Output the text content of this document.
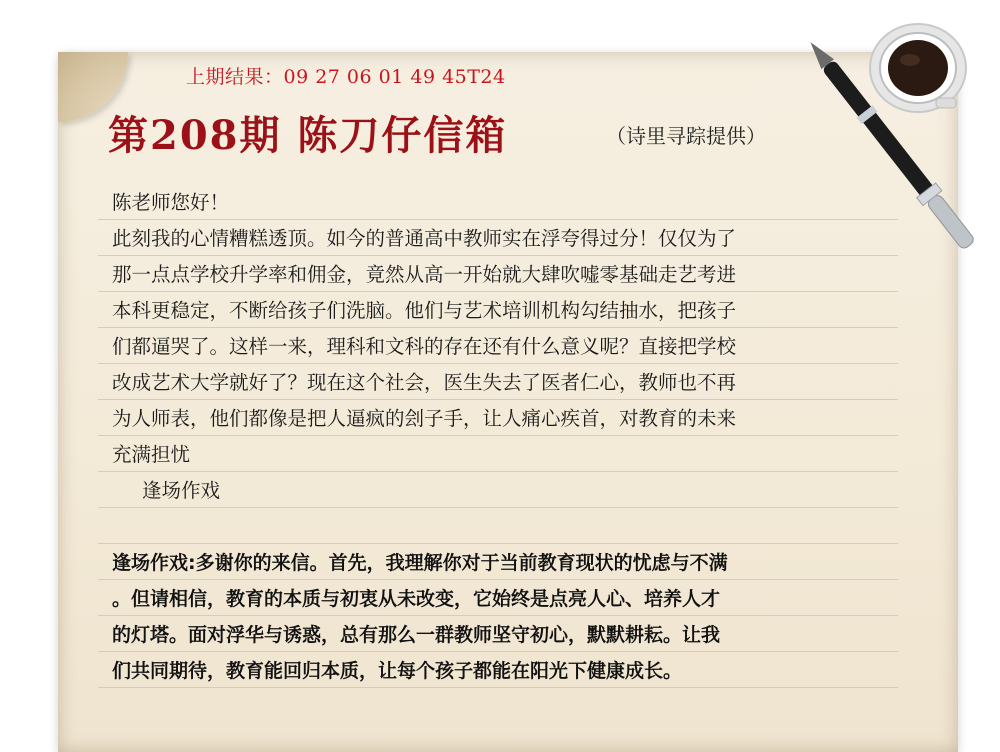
上期结果：09 27 06 01 49 45T24
第208期 陈刀仔信箱	（诗里寻踪提供）
陈老师您好！
此刻我的心情糟糕透顶。如今的普通高中教师实在浮夸得过分！仅仅为了
那一点点学校升学率和佣金，竟然从高一开始就大肆吹嘘零基础走艺考进
本科更稳定，不断给孩子们洗脑。他们与艺术培训机构勾结抽水，把孩子
们都逼哭了。这样一来，理科和文科的存在还有什么意义呢？直接把学校
改成艺术大学就好了？现在这个社会，医生失去了医者仁心，教师也不再
为人师表，他们都像是把人逼疯的刽子手，让人痛心疾首，对教育的未来
充满担忧
逢场作戏
逢场作戏:多谢你的来信。首先，我理解你对于当前教育现状的忧虑与不满
。但请相信，教育的本质与初衷从未改变，它始终是点亮人心、培养人才
的灯塔。面对浮华与诱惑，总有那么一群教师坚守初心，默默耕耘。让我
们共同期待，教育能回归本质，让每个孩子都能在阳光下健康成长。
